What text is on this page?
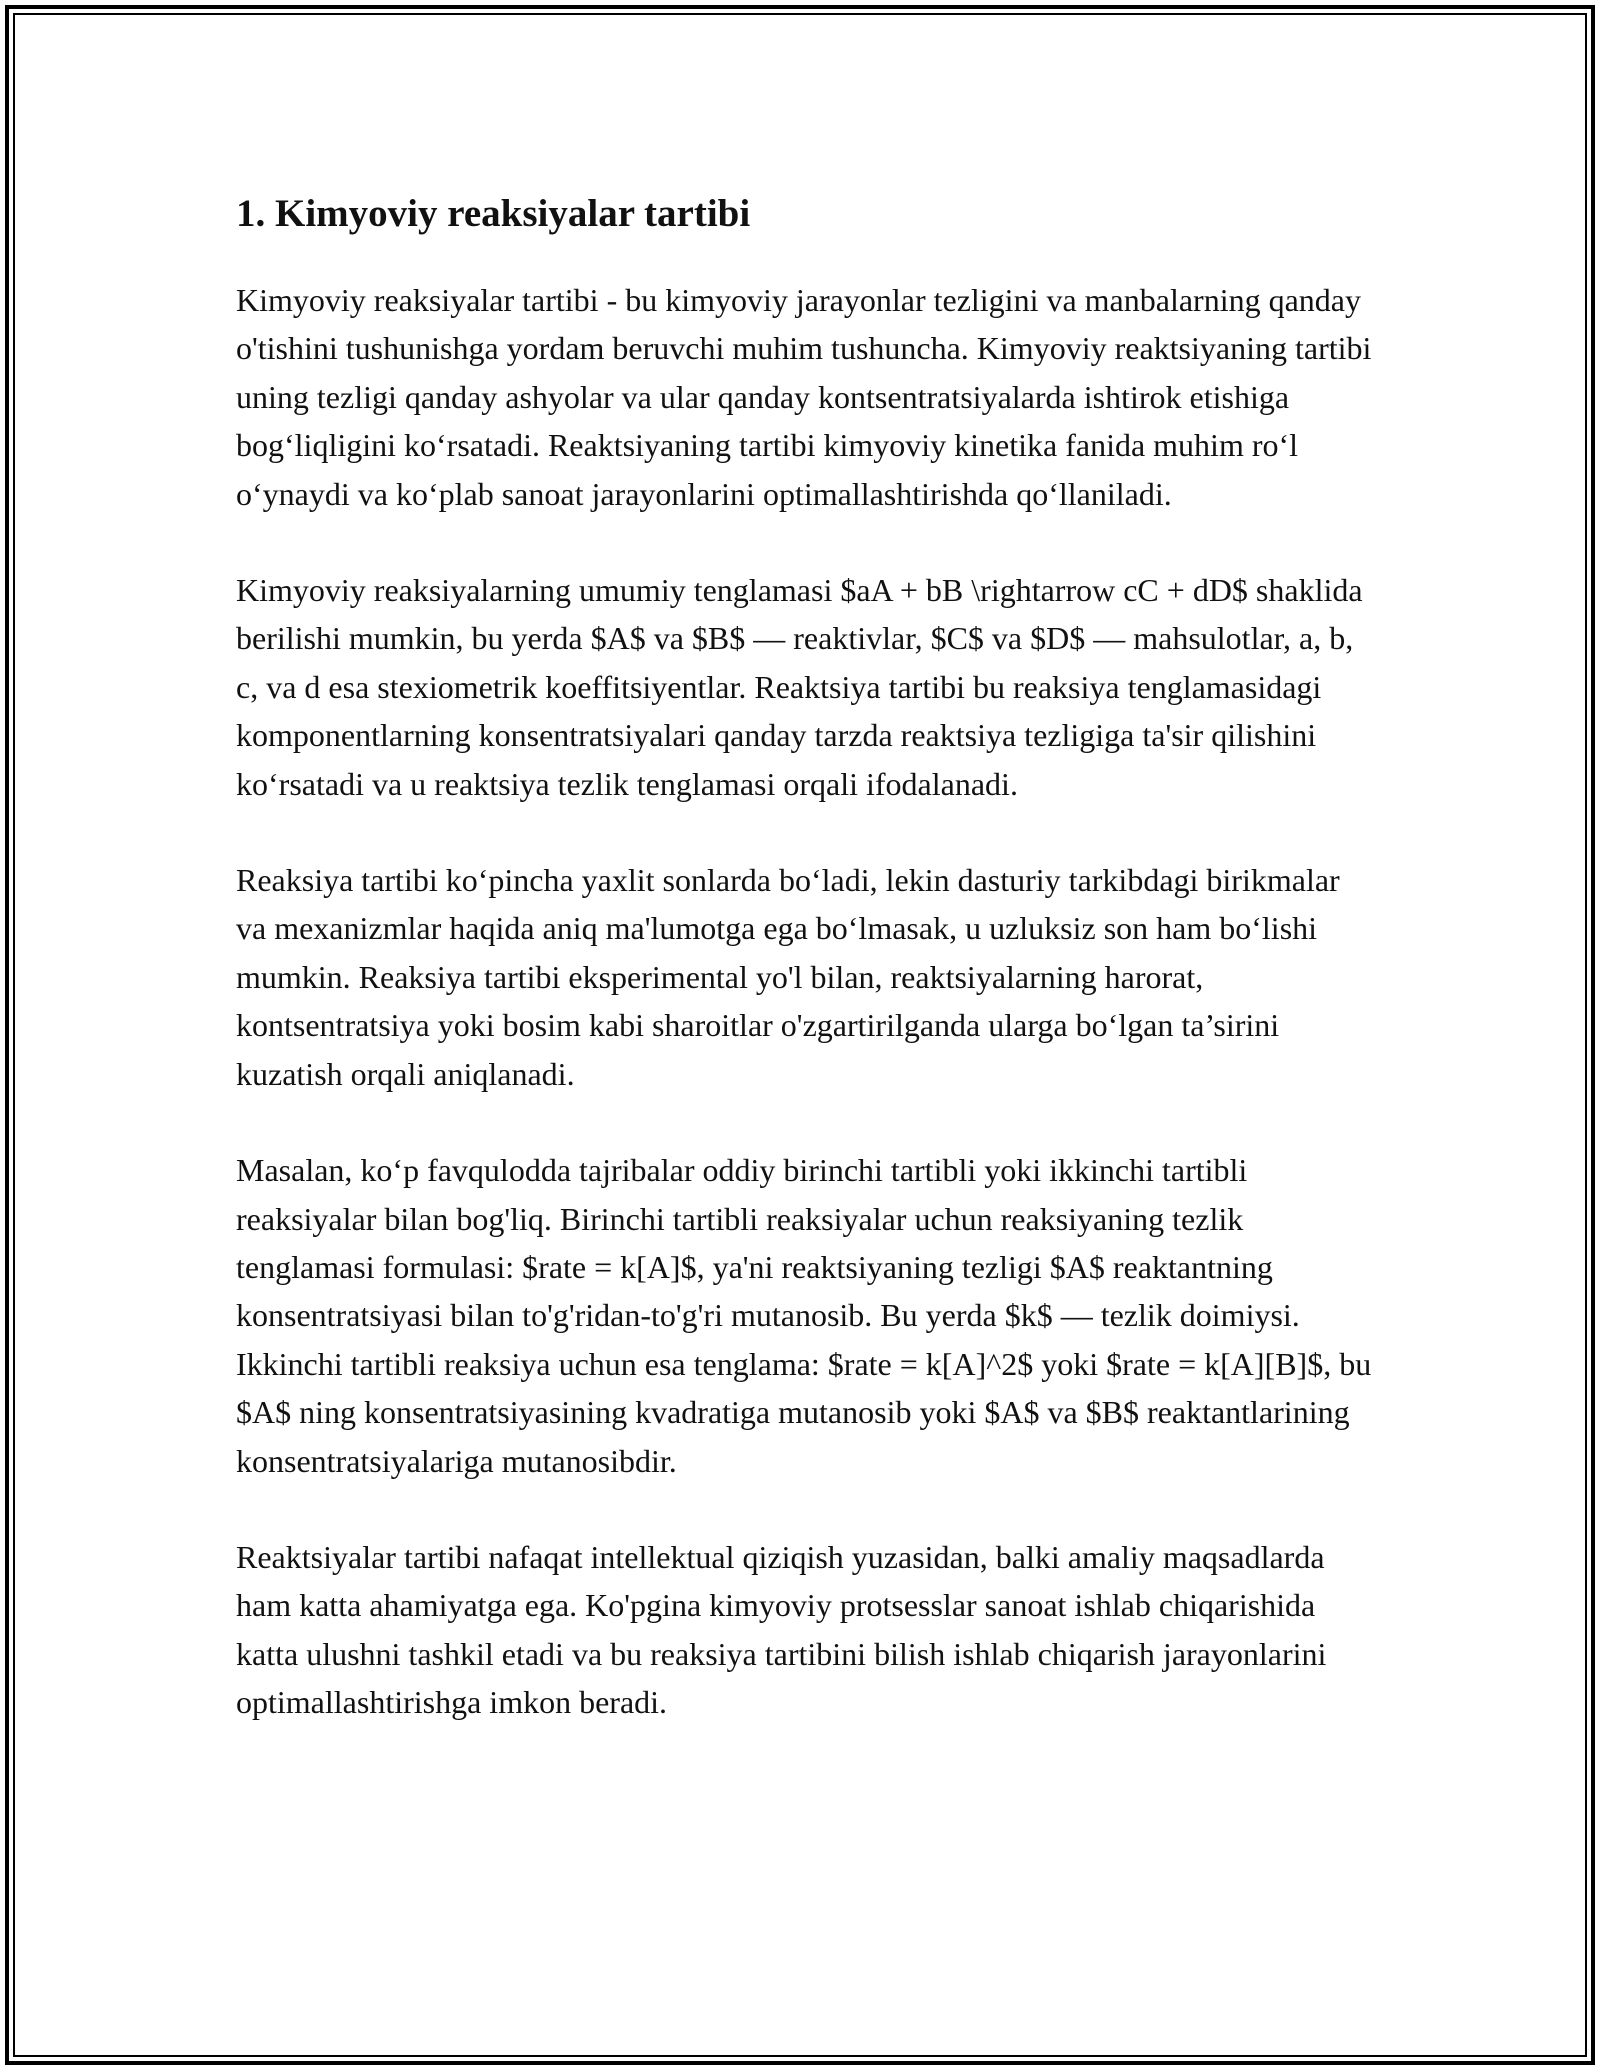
1. Kimyoviy reaksiyalar tartibi

Kimyoviy reaksiyalar tartibi - bu kimyoviy jarayonlar tezligini va manbalarning qanday o'tishini tushunishga yordam beruvchi muhim tushuncha. Kimyoviy reaktsiyaning tartibi uning tezligi qanday ashyolar va ular qanday kontsentratsiyalarda ishtirok etishiga bog‘liqligini ko‘rsatadi. Reaktsiyaning tartibi kimyoviy kinetika fanida muhim ro‘l o‘ynaydi va ko‘plab sanoat jarayonlarini optimallashtirishda qo‘llaniladi.

Kimyoviy reaksiyalarning umumiy tenglamasi $aA + bB \rightarrow cC + dD$ shaklida berilishi mumkin, bu yerda $A$ va $B$ — reaktivlar, $C$ va $D$ — mahsulotlar, a, b, c, va d esa stexiometrik koeffitsiyentlar. Reaktsiya tartibi bu reaksiya tenglamasidagi komponentlarning konsentratsiyalari qanday tarzda reaktsiya tezligiga ta'sir qilishini ko‘rsatadi va u reaktsiya tezlik tenglamasi orqali ifodalanadi.

Reaksiya tartibi ko‘pincha yaxlit sonlarda bo‘ladi, lekin dasturiy tarkibdagi birikmalar va mexanizmlar haqida aniq ma'lumotga ega bo‘lmasak, u uzluksiz son ham bo‘lishi mumkin. Reaksiya tartibi eksperimental yo'l bilan, reaktsiyalarning harorat, kontsentratsiya yoki bosim kabi sharoitlar o'zgartirilganda ularga bo‘lgan ta’sirini kuzatish orqali aniqlanadi.

Masalan, ko‘p favqulodda tajribalar oddiy birinchi tartibli yoki ikkinchi tartibli reaksiyalar bilan bog'liq. Birinchi tartibli reaksiyalar uchun reaksiyaning tezlik tenglamasi formulasi: $rate = k[A]$, ya'ni reaktsiyaning tezligi $A$ reaktantning konsentratsiyasi bilan to'g'ridan-to'g'ri mutanosib. Bu yerda $k$ — tezlik doimiysi. Ikkinchi tartibli reaksiya uchun esa tenglama: $rate = k[A]^2$ yoki $rate = k[A][B]$, bu $A$ ning konsentratsiyasining kvadratiga mutanosib yoki $A$ va $B$ reaktantlarining konsentratsiyalariga mutanosibdir.

Reaktsiyalar tartibi nafaqat intellektual qiziqish yuzasidan, balki amaliy maqsadlarda ham katta ahamiyatga ega. Ko'pgina kimyoviy protsesslar sanoat ishlab chiqarishida katta ulushni tashkil etadi va bu reaksiya tartibini bilish ishlab chiqarish jarayonlarini optimallashtirishga imkon beradi.
